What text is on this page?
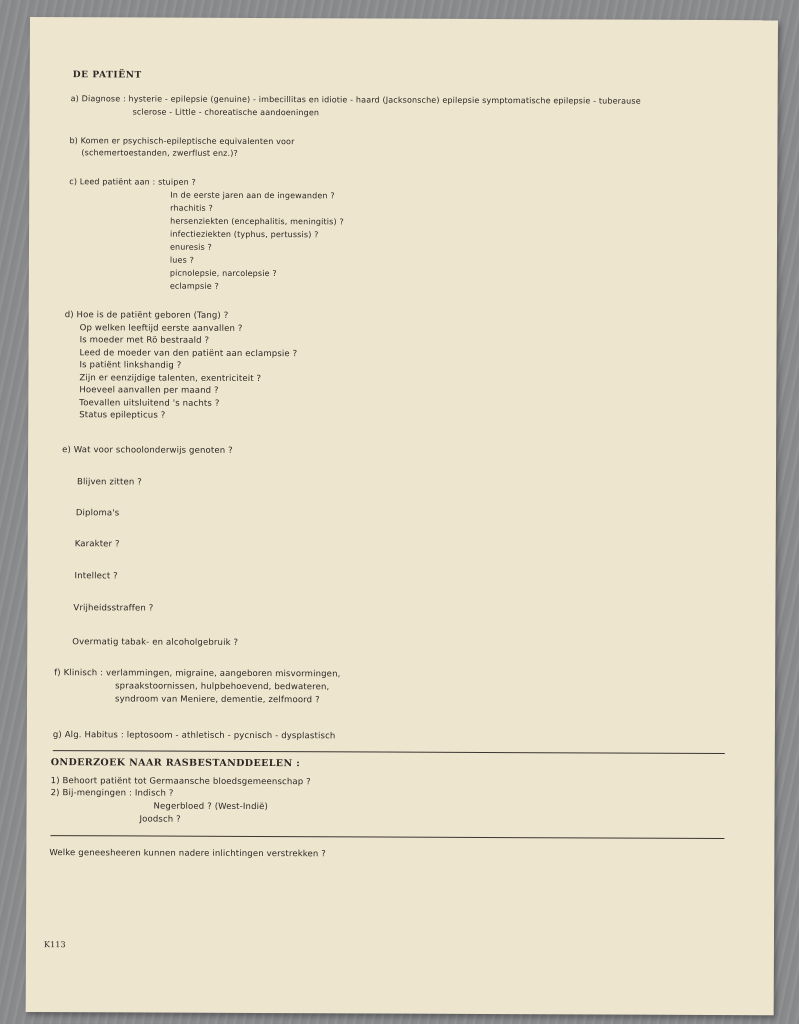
DE PATIËNT
a) Diagnose : hysterie - epilepsie (genuine) - imbecillitas en idiotie - haard (Jacksonsche) epilepsie symptomatische epilepsie - tuberause
sclerose - Little - choreatische aandoeningen
b) Komen er psychisch-epileptische equivalenten voor
(schemertoestanden, zwerflust enz.)?
c) Leed patiënt aan : stuipen ?
In de eerste jaren aan de ingewanden ?
rhachitis ?
hersenziekten (encephalitis, meningitis) ?
infectieziekten (typhus, pertussis) ?
enuresis ?
lues ?
picnolepsie, narcolepsie ?
eclampsie ?
d) Hoe is de patiënt geboren (Tang) ?
Op welken leeftijd eerste aanvallen ?
Is moeder met Rö bestraald ?
Leed de moeder van den patiënt aan eclampsie ?
Is patiënt linkshandig ?
Zijn er eenzijdige talenten, exentriciteit ?
Hoeveel aanvallen per maand ?
Toevallen uitsluitend 's nachts ?
Status epilepticus ?
e) Wat voor schoolonderwijs genoten ?
Blijven zitten ?
Diploma's
Karakter ?
Intellect ?
Vrijheidsstraffen ?
Overmatig tabak- en alcoholgebruik ?
f) Klinisch : verlammingen, migraine, aangeboren misvormingen,
spraakstoornissen, hulpbehoevend, bedwateren,
syndroom van Meniere, dementie, zelfmoord ?
g) Alg. Habitus : leptosoom - athletisch - pycnisch - dysplastisch
ONDERZOEK NAAR RASBESTANDDEELEN :
1) Behoort patiënt tot Germaansche bloedsgemeenschap ?
2) Bij-mengingen : Indisch ?
Negerbloed ? (West-Indië)
Joodsch ?
Welke geneesheeren kunnen nadere inlichtingen verstrekken ?
K113
